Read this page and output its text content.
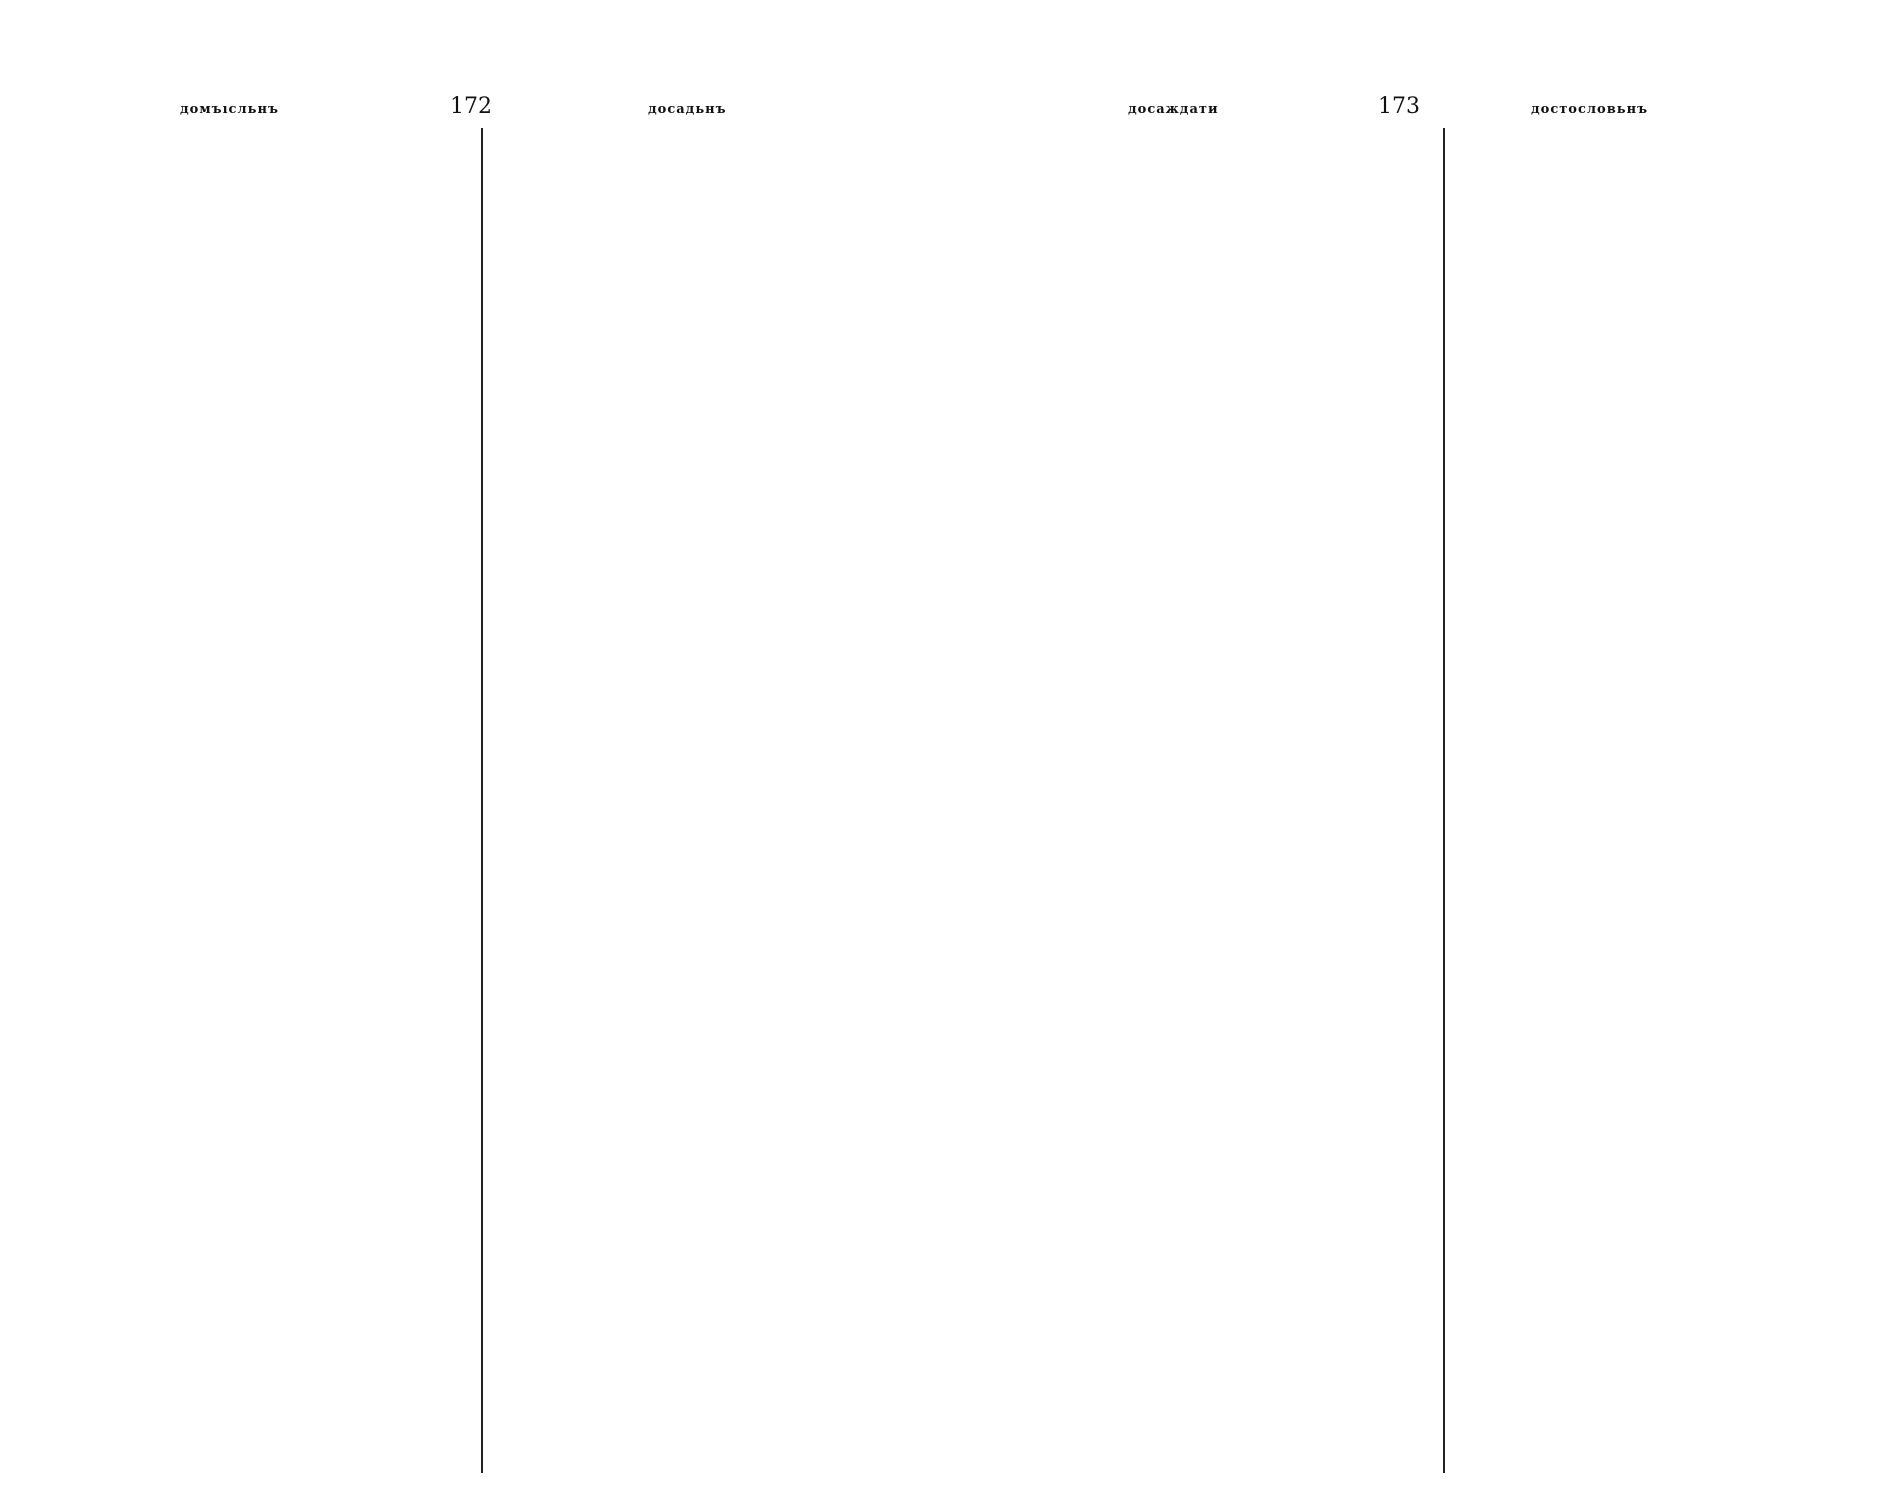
домъıсльнъ	172	досадьнъ	досаждати	173	достословьнъ
